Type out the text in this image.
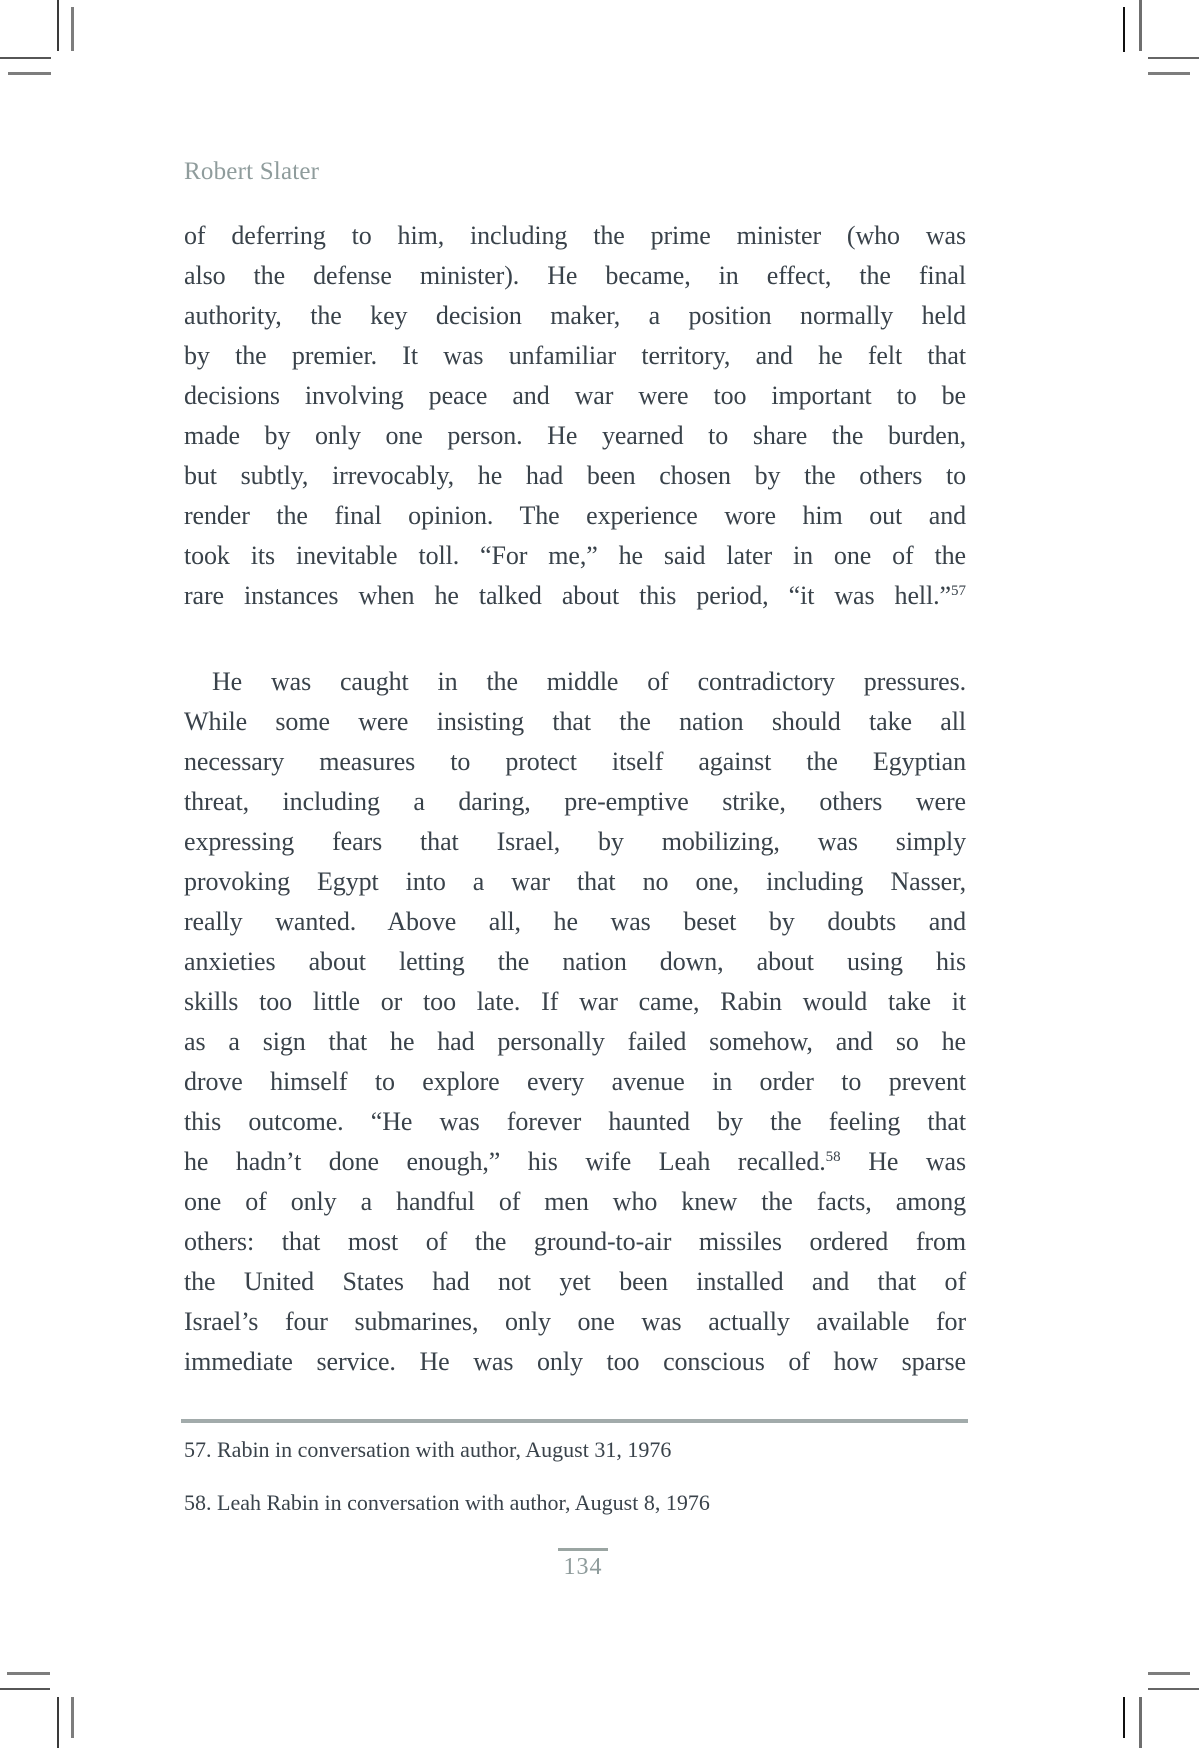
Robert Slater
of deferring to him, including the prime minister (who was
also the defense minister). He became, in effect, the final
authority, the key decision maker, a position normally held
by the premier. It was unfamiliar territory, and he felt that
decisions involving peace and war were too important to be
made by only one person. He yearned to share the burden,
but subtly, irrevocably, he had been chosen by the others to
render the final opinion. The experience wore him out and
took its inevitable toll. “For me,” he said later in one of the
rare instances when he talked about this period, “it was hell.”$^{57}$
He was caught in the middle of contradictory pressures.
While some were insisting that the nation should take all
necessary measures to protect itself against the Egyptian
threat, including a daring, pre-emptive strike, others were
expressing fears that Israel, by mobilizing, was simply
provoking Egypt into a war that no one, including Nasser,
really wanted. Above all, he was beset by doubts and
anxieties about letting the nation down, about using his
skills too little or too late. If war came, Rabin would take it
as a sign that he had personally failed somehow, and so he
drove himself to explore every avenue in order to prevent
this outcome. “He was forever haunted by the feeling that
he hadn’t done enough,” his wife Leah recalled.$^{58}$ He was
one of only a handful of men who knew the facts, among
others: that most of the ground-to-air missiles ordered from
the United States had not yet been installed and that of
Israel’s four submarines, only one was actually available for
immediate service. He was only too conscious of how sparse
57. Rabin in conversation with author, August 31, 1976
58. Leah Rabin in conversation with author, August 8, 1976
134
